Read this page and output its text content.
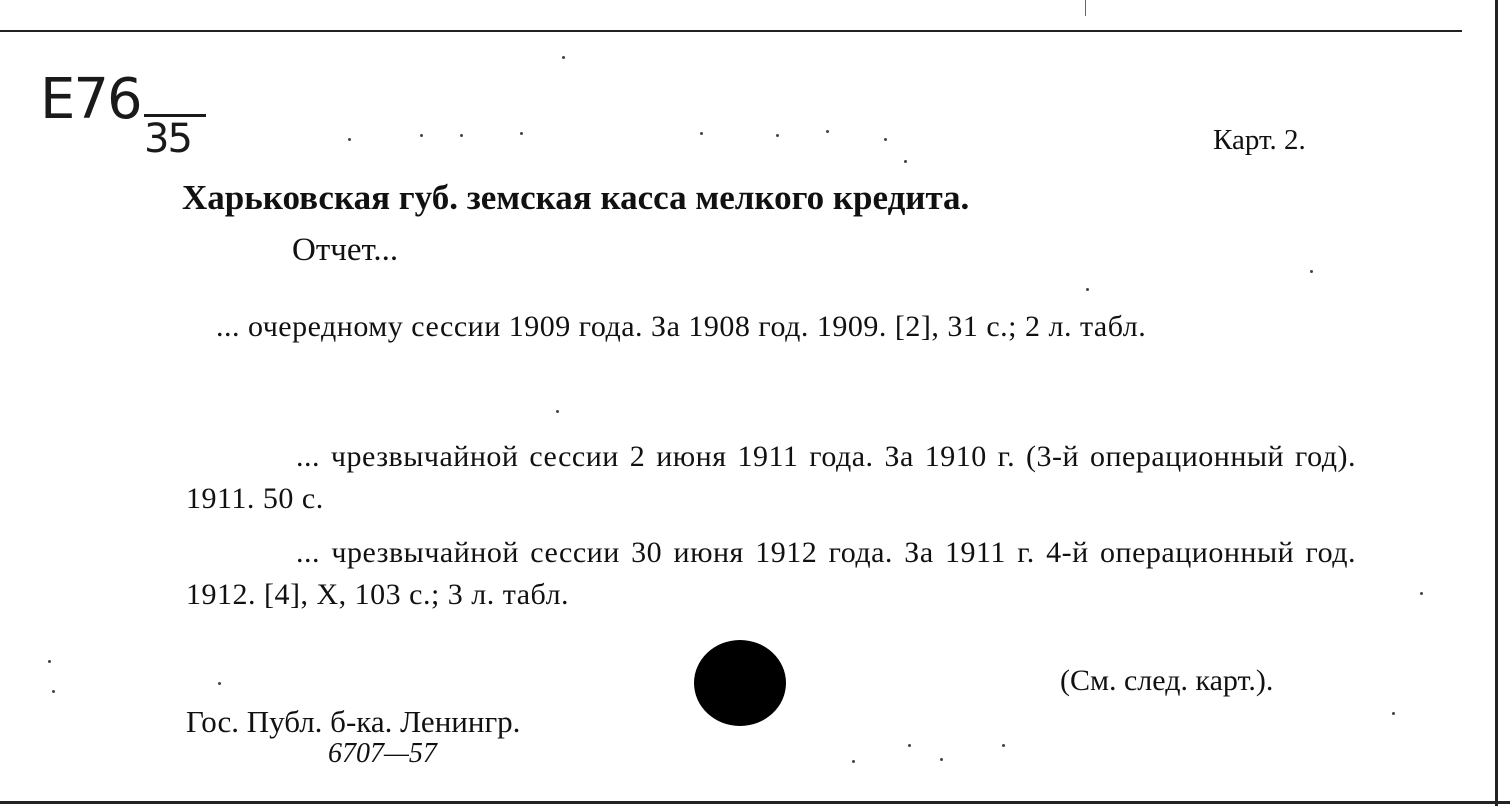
E76
35	Карт. 2.
Харьковская губ. земская касса мелкого кредита.
Отчет...
... очередному сессии 1909 года. За 1908 год. 1909. [2], 31 с.; 2 л. табл.
... чрезвычайной сессии 2 июня 1911 года. За 1910 г. (3-й операционный год). 1911. 50 с.
... чрезвычайной сессии 30 июня 1912 года. За 1911 г. 4-й операционный год. 1912. [4], X, 103 с.; 3 л. табл.
(См. след. карт.).
Гос. Публ. б-ка. Ленингр.
6707—57
